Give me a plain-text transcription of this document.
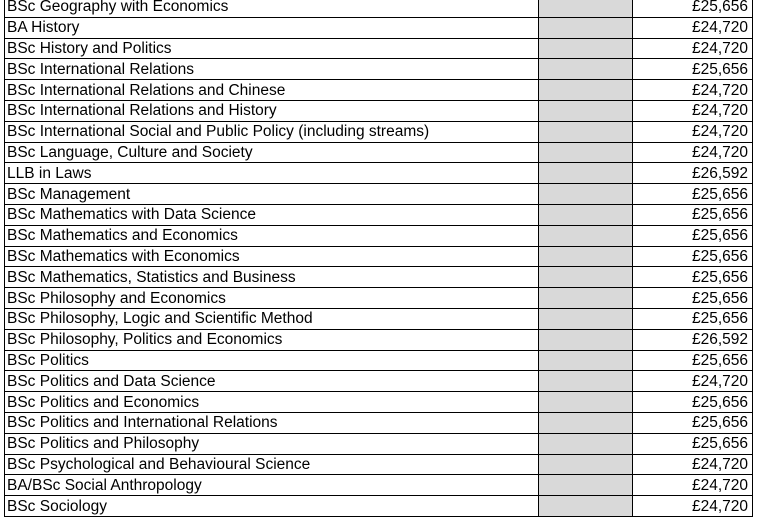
BSc Geography with Economics		£25,656
BA History		£24,720
BSc History and Politics		£24,720
BSc International Relations		£25,656
BSc International Relations and Chinese		£24,720
BSc International Relations and History		£24,720
BSc International Social and Public Policy (including streams)		£24,720
BSc Language, Culture and Society		£24,720
LLB in Laws		£26,592
BSc Management		£25,656
BSc Mathematics with Data Science		£25,656
BSc Mathematics and Economics		£25,656
BSc Mathematics with Economics		£25,656
BSc Mathematics, Statistics and Business		£25,656
BSc Philosophy and Economics		£25,656
BSc Philosophy, Logic and Scientific Method		£25,656
BSc Philosophy, Politics and Economics		£26,592
BSc Politics		£25,656
BSc Politics and Data Science		£24,720
BSc Politics and Economics		£25,656
BSc Politics and International Relations		£25,656
BSc Politics and Philosophy		£25,656
BSc Psychological and Behavioural Science		£24,720
BA/BSc Social Anthropology		£24,720
BSc Sociology		£24,720
